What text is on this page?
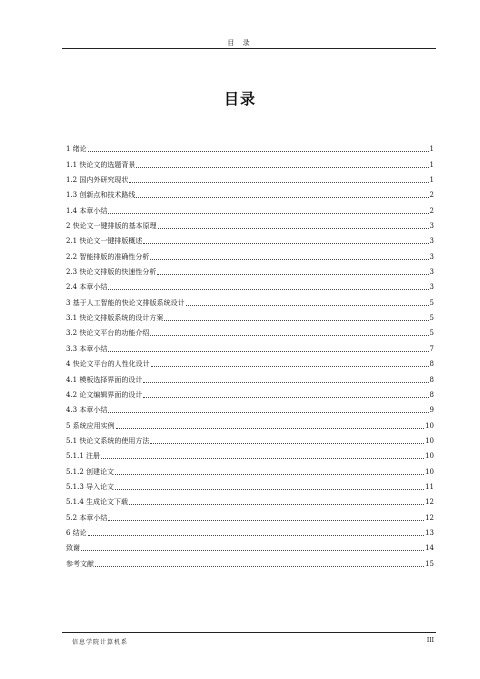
目 录
目录
1 绪论	1
1.1 快论文的选题背景	1
1.2 国内外研究现状	1
1.3 创新点和技术路线	2
1.4 本章小结	2
2 快论文一键排版的基本原理	3
2.1 快论文一键排版概述	3
2.2 智能排版的准确性分析	3
2.3 快论文排版的快速性分析	3
2.4 本章小结	3
3 基于人工智能的快论文排版系统设计	5
3.1 快论文排版系统的设计方案	5
3.2 快论文平台的功能介绍	5
3.3 本章小结	7
4 快论文平台的人性化设计	8
4.1 模板选择界面的设计	8
4.2 论文编辑界面的设计	8
4.3 本章小结	9
5 系统应用实例	10
5.1 快论文系统的使用方法	10
5.1.1 注册	10
5.1.2 创建论文	10
5.1.3 导入论文	11
5.1.4 生成论文下载	12
5.2 本章小结	12
6 结论	13
致谢	14
参考文献	15
信息学院计算机系	III
